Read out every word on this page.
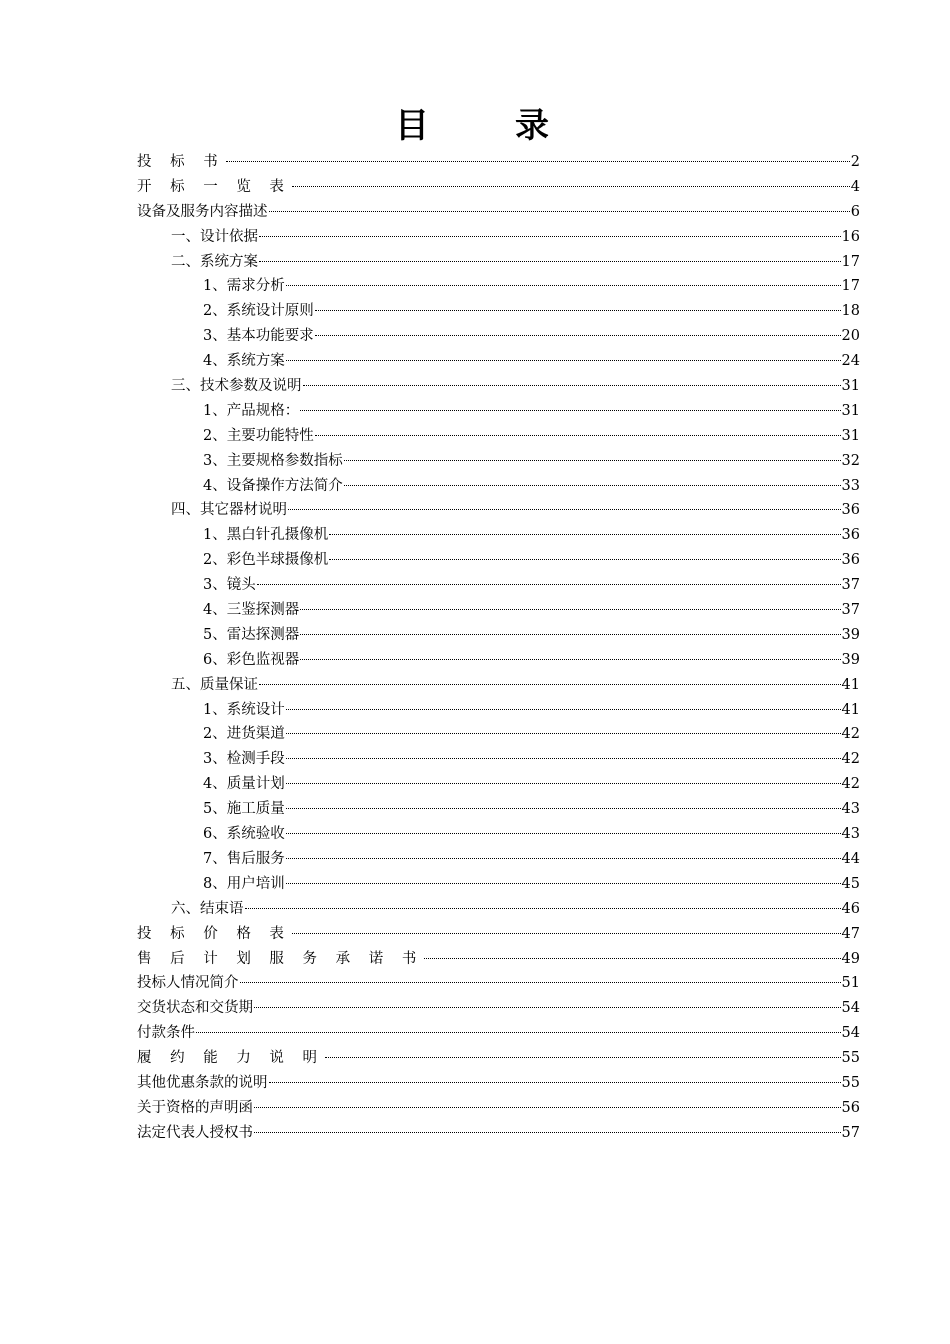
目　　录
投 标 书	2
开 标 一 览 表	4
设备及服务内容描述	6
一、设计依据	16
二、系统方案	17
1、需求分析	17
2、系统设计原则	18
3、基本功能要求	20
4、系统方案	24
三、技术参数及说明	31
1、产品规格：	31
2、主要功能特性	31
3、主要规格参数指标	32
4、设备操作方法简介	33
四、其它器材说明	36
1、黑白针孔摄像机	36
2、彩色半球摄像机	36
3、镜头	37
4、三鉴探测器	37
5、雷达探测器	39
6、彩色监视器	39
五、质量保证	41
1、系统设计	41
2、进货渠道	42
3、检测手段	42
4、质量计划	42
5、施工质量	43
6、系统验收	43
7、售后服务	44
8、用户培训	45
六、结束语	46
投 标 价 格 表	47
售 后 计 划 服 务 承 诺 书	49
投标人情况简介	51
交货状态和交货期	54
付款条件	54
履 约 能 力 说 明	55
其他优惠条款的说明	55
关于资格的声明函	56
法定代表人授权书	57
